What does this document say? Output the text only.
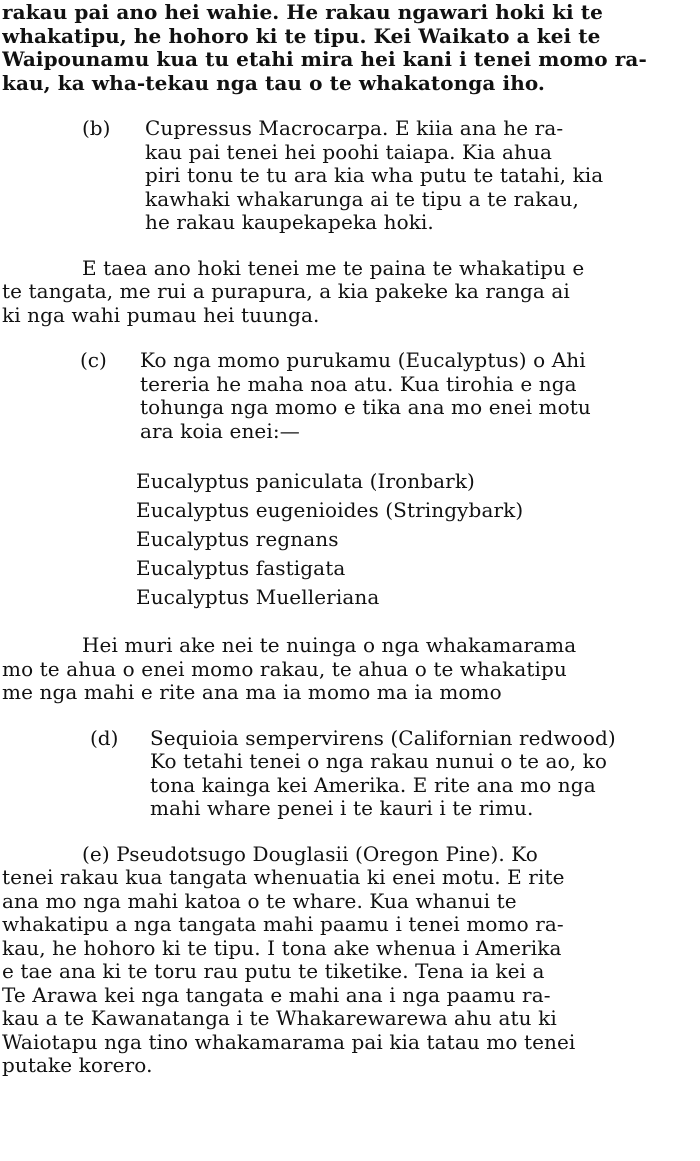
rakau pai ano hei wahie. He rakau ngawari hoki ki te
whakatipu, he hohoro ki te tipu. Kei Waikato a kei te
Waipounamu kua tu etahi mira hei kani i tenei momo ra-
kau, ka wha-tekau nga tau o te whakatonga iho.
(b)	Cupressus Macrocarpa. E kiia ana he ra-
kau pai tenei hei poohi taiapa. Kia ahua
piri tonu te tu ara kia wha putu te tatahi, kia
kawhaki whakarunga ai te tipu a te rakau,
he rakau kaupekapeka hoki.
E taea ano hoki tenei me te paina te whakatipu e
te tangata, me rui a purapura, a kia pakeke ka ranga ai
ki nga wahi pumau hei tuunga.
(c)	Ko nga momo purukamu (Eucalyptus) o Ahi
tereria he maha noa atu. Kua tirohia e nga
tohunga nga momo e tika ana mo enei motu
ara koia enei:—
Eucalyptus paniculata (Ironbark)
Eucalyptus eugenioides (Stringybark)
Eucalyptus regnans
Eucalyptus fastigata
Eucalyptus Muelleriana
Hei muri ake nei te nuinga o nga whakamarama
mo te ahua o enei momo rakau, te ahua o te whakatipu
me nga mahi e rite ana ma ia momo ma ia momo
(d)	Sequioia sempervirens (Californian redwood)
Ko tetahi tenei o nga rakau nunui o te ao, ko
tona kainga kei Amerika. E rite ana mo nga
mahi whare penei i te kauri i te rimu.
(e) Pseudotsugo Douglasii (Oregon Pine). Ko
tenei rakau kua tangata whenuatia ki enei motu. E rite
ana mo nga mahi katoa o te whare. Kua whanui te
whakatipu a nga tangata mahi paamu i tenei momo ra-
kau, he hohoro ki te tipu. I tona ake whenua i Amerika
e tae ana ki te toru rau putu te tiketike. Tena ia kei a
Te Arawa kei nga tangata e mahi ana i nga paamu ra-
kau a te Kawanatanga i te Whakarewarewa ahu atu ki
Waiotapu nga tino whakamarama pai kia tatau mo tenei
putake korero.
